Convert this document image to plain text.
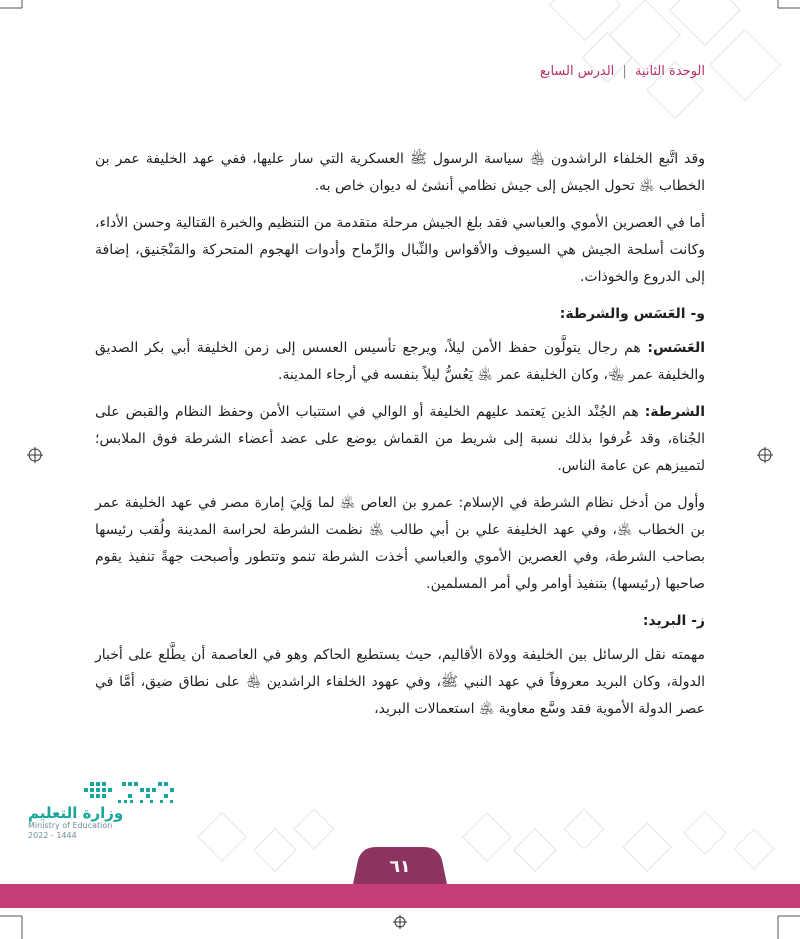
الوحدة الثانية | الدرس السابع

وقد اتَّبع الخلفاء الراشدون ﵃ سياسة الرسول ﷺ العسكرية التي سار عليها، ففي عهد الخليفة عمر بن الخطاب ﵁ تحول الجيش إلى جيش نظامي أنشئ له ديوان خاص به.

أما في العصرين الأموي والعباسي فقد بلغ الجيش مرحلة متقدمة من التنظيم والخبرة القتالية وحسن الأداء، وكانت أسلحة الجيش هي السيوف والأقواس والنِّبال والرِّماح وأدوات الهجوم المتحركة والمَنْجَنيق، إضافة إلى الدروع والخوذات.

و- العَسَس والشرطة:

العَسَس: هم رجال يتولَّون حفظ الأمن ليلاً، ويرجع تأسيس العسس إلى زمن الخليفة أبي بكر الصديق والخليفة عمر ﵄، وكان الخليفة عمر ﵁ يَعُسُّ ليلاً بنفسه في أرجاء المدينة.

الشرطة: هم الجُنْد الذين يَعتمد عليهم الخليفة أو الوالي في استتباب الأمن وحفظ النظام والقبض على الجُناة، وقد عُرفوا بذلك نسبة إلى شريط من القماش يوضع على عضد أعضاء الشرطة فوق الملابس؛ لتمييزهم عن عامة الناس.

وأول من أدخل نظام الشرطة في الإسلام: عمرو بن العاص ﵁ لما وَلِيَ إمارة مصر في عهد الخليفة عمر بن الخطاب ﵁، وفي عهد الخليفة علي بن أبي طالب ﵁ نظمت الشرطة لحراسة المدينة ولُقب رئيسها بصاحب الشرطة، وفي العصرين الأموي والعباسي أخذت الشرطة تنمو وتتطور وأصبحت جهةً تنفيذ يقوم صاحبها (رئيسها) بتنفيذ أوامر ولي أمر المسلمين.

ز- البريد:

مهمته نقل الرسائل بين الخليفة وولاة الأقاليم، حيث يستطيع الحاكم وهو في العاصمة أن يطَّلع على أخبار الدولة، وكان البريد معروفاً في عهد النبي ﷺ، وفي عهود الخلفاء الراشدين ﵃ على نطاق ضيق، أمَّا في عصر الدولة الأموية فقد وسَّع معاوية ﵁ استعمالات البريد،

وزارة التعليم
Ministry of Education
2022 - 1444
٦١
